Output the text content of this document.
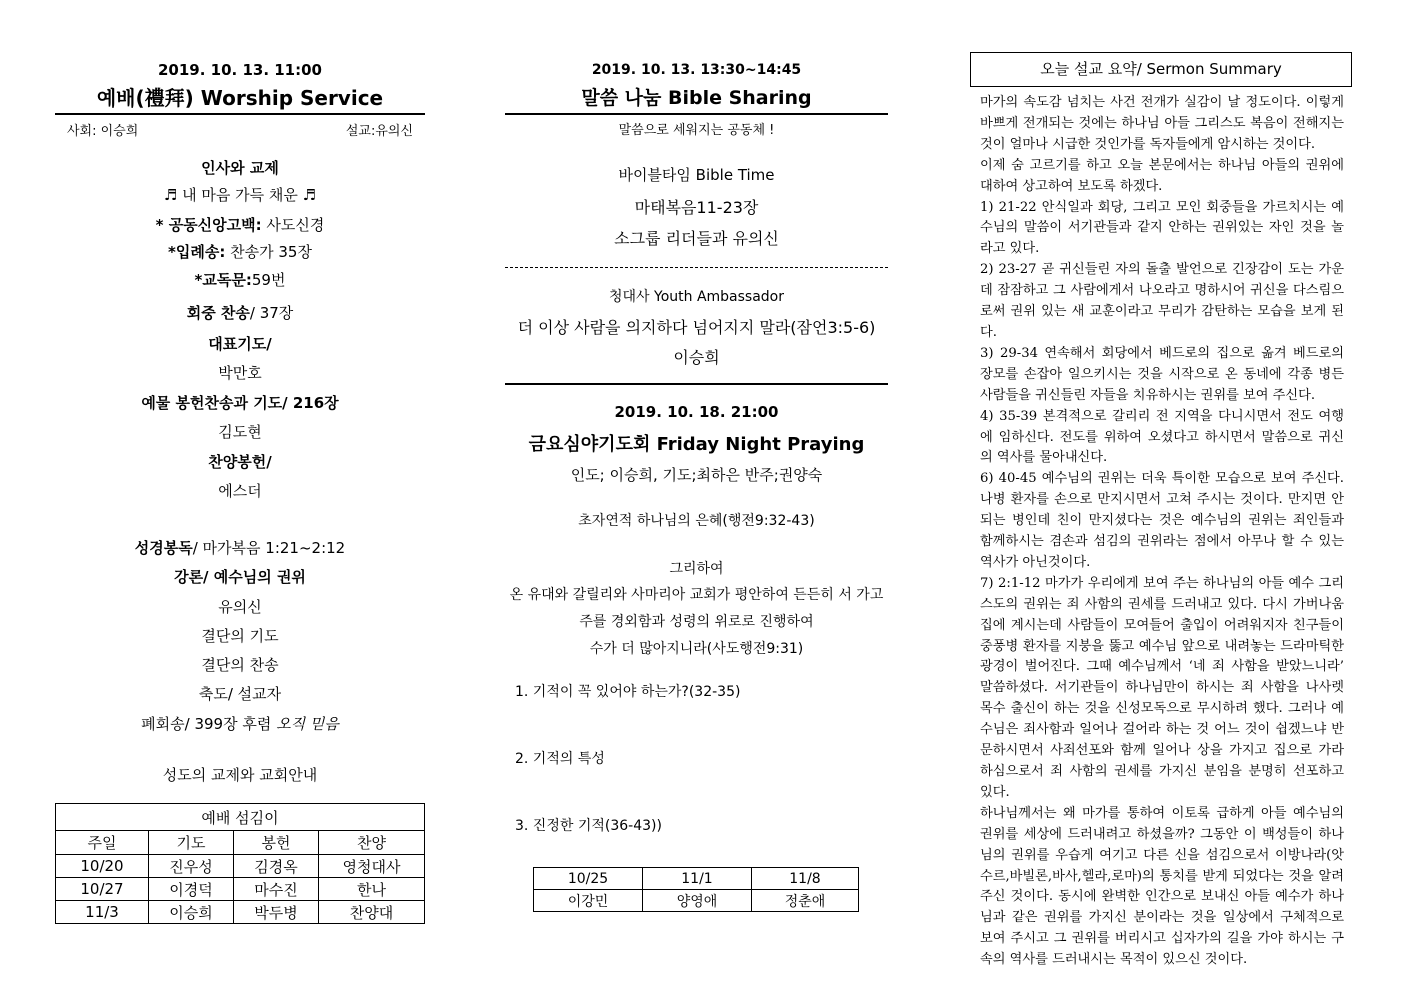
2019. 10. 13. 11:00
예배(禮拜) Worship Service
사회: 이승희	설교:유의신
인사와 교제
♬ 내 마음 가득 채운 ♬
* 공동신앙고백: 사도신경
*입례송: 찬송가 35장
*교독문:59번
회중 찬송/ 37장
대표기도/
박만호
예물 봉헌찬송과 기도/ 216장
김도현
찬양봉헌/
에스더
성경봉독/ 마가복음 1:21~2:12
강론/ 예수님의 권위
유의신
결단의 기도
결단의 찬송
축도/ 설교자
폐회송/ 399장 후렴 오직 믿음
성도의 교제와 교회안내
예배 섬김이			
주일	기도	봉헌	찬양
10/20	진우성	김경옥	영청대사
10/27	이경덕	마수진	한나
11/3	이승희	박두병	찬양대
2019. 10. 13. 13:30~14:45
말씀 나눔 Bible Sharing
말씀으로 세워지는 공동체 !
바이블타임 Bible Time
마태복음11-23장
소그룹 리더들과 유의신
청대사 Youth Ambassador
더 이상 사람을 의지하다 넘어지지 말라(잠언3:5-6)
이승희
2019. 10. 18. 21:00
금요심야기도회 Friday Night Praying
인도; 이승희, 기도;최하은 반주;권양숙
초자연적 하나님의 은혜(행전9:32-43)
그리하여
온 유대와 갈릴리와 사마리아 교회가 평안하여 든든히 서 가고
주를 경외함과 성령의 위로로 진행하여
수가 더 많아지니라(사도행전9:31)
1. 기적이 꼭 있어야 하는가?(32-35)
2. 기적의 특성
3. 진정한 기적(36-43))
10/25	11/1	11/8
이강민	양영애	정춘애
오늘 설교 요약/ Sermon Summary

마가의 속도감 넘치는 사건 전개가 실감이 날 정도이다. 이렇게 바쁘게 전개되는 것에는 하나님 아들 그리스도 복음이 전해지는 것이 얼마나 시급한 것인가를 독자들에게 암시하는 것이다.

이제 숨 고르기를 하고 오늘 본문에서는 하나님 아들의 권위에 대하여 상고하여 보도록 하겠다.

1) 21-22 안식일과 회당, 그리고 모인 회중들을 가르치시는 예수님의 말씀이 서기관들과 같지 안하는 권위있는 자인 것을 놀라고 있다.

2) 23-27 곧 귀신들린 자의 돌출 발언으로 긴장감이 도는 가운데 잠잠하고 그 사람에게서 나오라고 명하시어 귀신을 다스림으로써 권위 있는 새 교훈이라고 무리가 감탄하는 모습을 보게 된다.

3) 29-34 연속해서 회당에서 베드로의 집으로 옮겨 베드로의 장모를 손잡아 일으키시는 것을 시작으로 온 동네에 각종 병든 사람들을 귀신들린 자들을 치유하시는 권위를 보여 주신다.

4) 35-39 본격적으로 갈리리 전 지역을 다니시면서 전도 여행에 임하신다. 전도를 위하여 오셨다고 하시면서 말씀으로 귀신의 역사를 물아내신다.

6) 40-45 예수님의 권위는 더욱 특이한 모습으로 보여 주신다. 나병 환자를 손으로 만지시면서 고쳐 주시는 것이다. 만지면 안되는 병인데 친이 만지셨다는 것은 예수님의 권위는 죄인들과 함께하시는 겸손과 섬김의 권위라는 점에서 아무나 할 수 있는 역사가 아닌것이다.

7) 2:1-12 마가가 우리에게 보여 주는 하나님의 아들 예수 그리스도의 권위는 죄 사함의 권세를 드러내고 있다. 다시 가버나움 집에 계시는데 사람들이 모여들어 출입이 어려워지자 친구들이 중풍병 환자를 지붕을 뚫고 예수님 앞으로 내려놓는 드라마틱한 광경이 벌어진다. 그때 예수님께서 ‘네 죄 사함을 받았느니라’ 말씀하셨다. 서기관들이 하나님만이 하시는 죄 사함을 나사렛 목수 출신이 하는 것을 신성모독으로 무시하려 했다. 그러나 예수님은 죄사함과 일어나 걸어라 하는 것 어느 것이 쉽겠느냐 반문하시면서 사죄선포와 함께 일어나 상을 가지고 집으로 가라 하심으로서 죄 사함의 권세를 가지신 분임을 분명히 선포하고 있다.

하나님께서는 왜 마가를 통하여 이토록 급하게 아들 예수님의 권위를 세상에 드러내려고 하셨을까? 그동안 이 백성들이 하나님의 권위를 우습게 여기고 다른 신을 섬김으로서 이방나라(앗수르,바빌론,바사,헬라,로마)의 통치를 받게 되었다는 것을 알려 주신 것이다. 동시에 완벽한 인간으로 보내신 아들 예수가 하나님과 같은 권위를 가지신 분이라는 것을 일상에서 구체적으로 보여 주시고 그 권위를 버리시고 십자가의 길을 가야 하시는 구속의 역사를 드러내시는 목적이 있으신 것이다.
